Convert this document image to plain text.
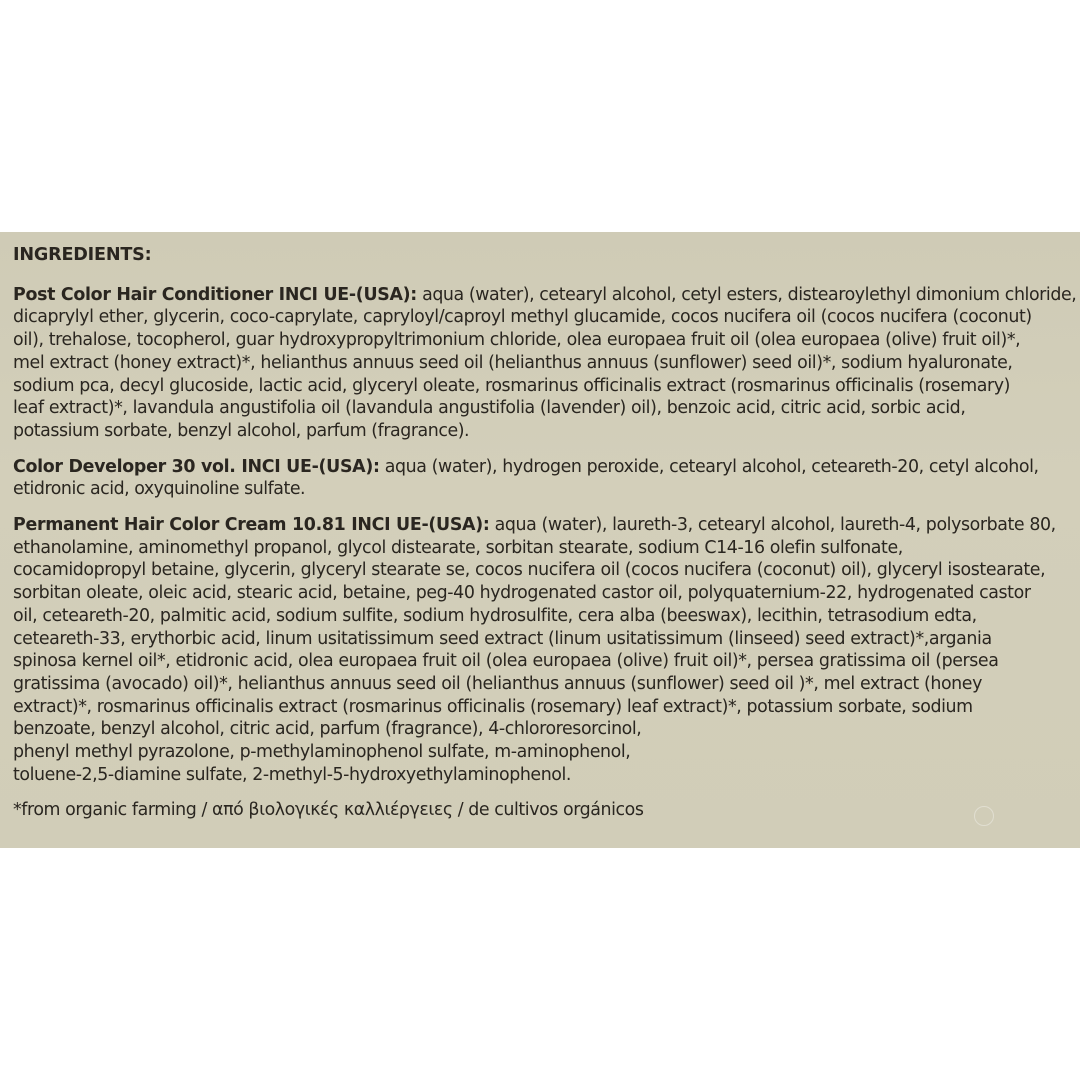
INGREDIENTS:
Post Color Hair Conditioner INCI UE-(USA): aqua (water), cetearyl alcohol, cetyl esters, distearoylethyl dimonium chloride,
dicaprylyl ether, glycerin, coco-caprylate, capryloyl/caproyl methyl glucamide, cocos nucifera oil (cocos nucifera (coconut)
oil), trehalose, tocopherol, guar hydroxypropyltrimonium chloride, olea europaea fruit oil (olea europaea (olive) fruit oil)*,
mel extract (honey extract)*, helianthus annuus seed oil (helianthus annuus (sunflower) seed oil)*, sodium hyaluronate,
sodium pca, decyl glucoside, lactic acid, glyceryl oleate, rosmarinus officinalis extract (rosmarinus officinalis (rosemary)
leaf extract)*, lavandula angustifolia oil (lavandula angustifolia (lavender) oil), benzoic acid, citric acid, sorbic acid,
potassium sorbate, benzyl alcohol, parfum (fragrance).
Color Developer 30 vol. INCI UE-(USA): aqua (water), hydrogen peroxide, cetearyl alcohol, ceteareth-20, cetyl alcohol,
etidronic acid, oxyquinoline sulfate.
Permanent Hair Color Cream 10.81 INCI UE-(USA): aqua (water), laureth-3, cetearyl alcohol, laureth-4, polysorbate 80,
ethanolamine, aminomethyl propanol, glycol distearate, sorbitan stearate, sodium C14-16 olefin sulfonate,
cocamidopropyl betaine, glycerin, glyceryl stearate se, cocos nucifera oil (cocos nucifera (coconut) oil), glyceryl isostearate,
sorbitan oleate, oleic acid, stearic acid, betaine, peg-40 hydrogenated castor oil, polyquaternium-22, hydrogenated castor
oil, ceteareth-20, palmitic acid, sodium sulfite, sodium hydrosulfite, cera alba (beeswax), lecithin, tetrasodium edta,
ceteareth-33, erythorbic acid, linum usitatissimum seed extract (linum usitatissimum (linseed) seed extract)*,argania
spinosa kernel oil*, etidronic acid, olea europaea fruit oil (olea europaea (olive) fruit oil)*, persea gratissima oil (persea
gratissima (avocado) oil)*, helianthus annuus seed oil (helianthus annuus (sunflower) seed oil )*, mel extract (honey
extract)*, rosmarinus officinalis extract (rosmarinus officinalis (rosemary) leaf extract)*, potassium sorbate, sodium
benzoate, benzyl alcohol, citric acid, parfum (fragrance), 4-chlororesorcinol,
phenyl methyl pyrazolone, p-methylaminophenol sulfate, m-aminophenol,
toluene-2,5-diamine sulfate, 2-methyl-5-hydroxyethylaminophenol.
*from organic farming / από βιολογικές καλλιέργειες / de cultivos orgánicos
